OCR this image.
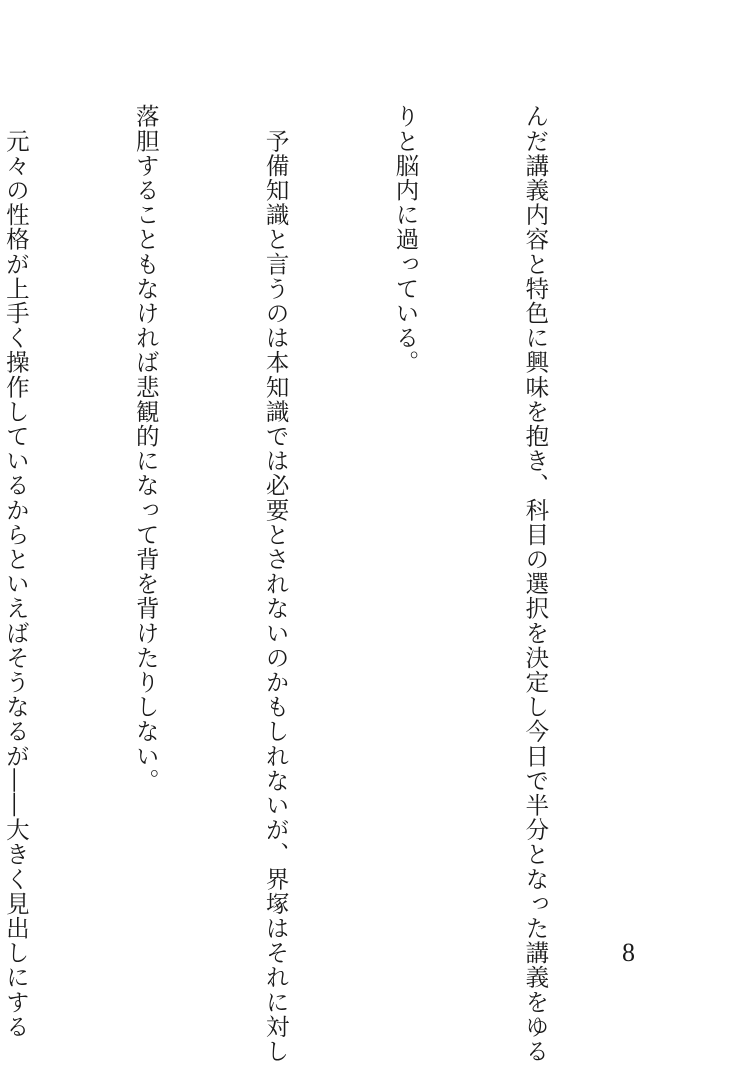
んだ講義内容と特色に興味を抱き、科目の選択を決定し今日で半分となった講義をゆる

りと脳内に過っている。

　予備知識と言うのは本知識では必要とされないのかもしれないが、界塚はそれに対し

落胆することもなければ悲観的になって背を背けたりしない。

　元々の性格が上手く操作しているからといえばそうなるが――大きく見出しにする

	8
